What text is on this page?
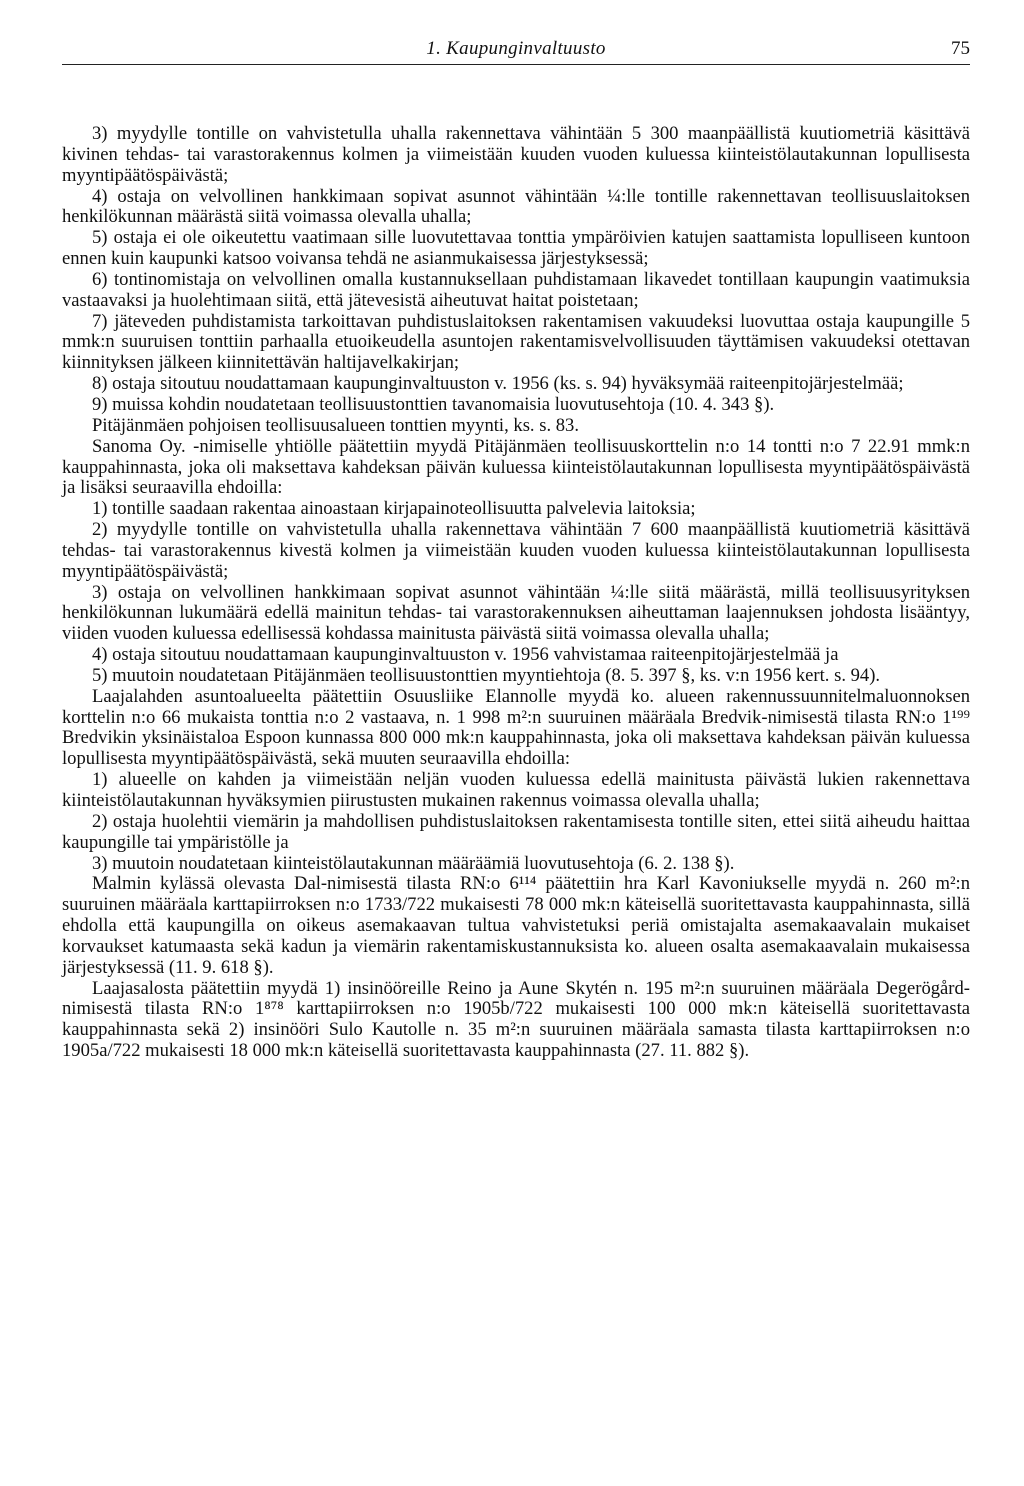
1. Kaupunginvaltuusto	75

3) myydylle tontille on vahvistetulla uhalla rakennettava vähintään 5 300 maanpäällistä kuutiometriä käsittävä kivinen tehdas- tai varastorakennus kolmen ja viimeistään kuuden vuoden kuluessa kiinteistölautakunnan lopullisesta myyntipäätöspäivästä;

4) ostaja on velvollinen hankkimaan sopivat asunnot vähintään ¼:lle tontille rakennettavan teollisuuslaitoksen henkilökunnan määrästä siitä voimassa olevalla uhalla;

5) ostaja ei ole oikeutettu vaatimaan sille luovutettavaa tonttia ympäröivien katujen saattamista lopulliseen kuntoon ennen kuin kaupunki katsoo voivansa tehdä ne asianmukaisessa järjestyksessä;

6) tontinomistaja on velvollinen omalla kustannuksellaan puhdistamaan likavedet tontillaan kaupungin vaatimuksia vastaavaksi ja huolehtimaan siitä, että jätevesistä aiheutuvat haitat poistetaan;

7) jäteveden puhdistamista tarkoittavan puhdistuslaitoksen rakentamisen vakuudeksi luovuttaa ostaja kaupungille 5 mmk:n suuruisen tonttiin parhaalla etuoikeudella asuntojen rakentamisvelvollisuuden täyttämisen vakuudeksi otettavan kiinnityksen jälkeen kiinnitettävän haltijavelkakirjan;

8) ostaja sitoutuu noudattamaan kaupunginvaltuuston v. 1956 (ks. s. 94) hyväksymää raiteenpitojärjestelmää;

9) muissa kohdin noudatetaan teollisuustonttien tavanomaisia luovutusehtoja (10. 4. 343 §).

Pitäjänmäen pohjoisen teollisuusalueen tonttien myynti, ks. s. 83.

Sanoma Oy. -nimiselle yhtiölle päätettiin myydä Pitäjänmäen teollisuuskorttelin n:o 14 tontti n:o 7 22.91 mmk:n kauppahinnasta, joka oli maksettava kahdeksan päivän kuluessa kiinteistölautakunnan lopullisesta myyntipäätöspäivästä ja lisäksi seuraavilla ehdoilla:

1) tontille saadaan rakentaa ainoastaan kirjapainoteollisuutta palvelevia laitoksia;

2) myydylle tontille on vahvistetulla uhalla rakennettava vähintään 7 600 maanpäällistä kuutiometriä käsittävä tehdas- tai varastorakennus kivestä kolmen ja viimeistään kuuden vuoden kuluessa kiinteistölautakunnan lopullisesta myyntipäätöspäivästä;

3) ostaja on velvollinen hankkimaan sopivat asunnot vähintään ¼:lle siitä määrästä, millä teollisuusyrityksen henkilökunnan lukumäärä edellä mainitun tehdas- tai varastorakennuksen aiheuttaman laajennuksen johdosta lisääntyy, viiden vuoden kuluessa edellisessä kohdassa mainitusta päivästä siitä voimassa olevalla uhalla;

4) ostaja sitoutuu noudattamaan kaupunginvaltuuston v. 1956 vahvistamaa raiteenpitojärjestelmää ja

5) muutoin noudatetaan Pitäjänmäen teollisuustonttien myyntiehtoja (8. 5. 397 §, ks. v:n 1956 kert. s. 94).

Laajalahden asuntoalueelta päätettiin Osuusliike Elannolle myydä ko. alueen rakennussuunnitelmaluonnoksen korttelin n:o 66 mukaista tonttia n:o 2 vastaava, n. 1 998 m²:n suuruinen määräala Bredvik-nimisestä tilasta RN:o 1¹⁹⁹ Bredvikin yksinäistaloa Espoon kunnassa 800 000 mk:n kauppahinnasta, joka oli maksettava kahdeksan päivän kuluessa lopullisesta myyntipäätöspäivästä, sekä muuten seuraavilla ehdoilla:

1) alueelle on kahden ja viimeistään neljän vuoden kuluessa edellä mainitusta päivästä lukien rakennettava kiinteistölautakunnan hyväksymien piirustusten mukainen rakennus voimassa olevalla uhalla;

2) ostaja huolehtii viemärin ja mahdollisen puhdistuslaitoksen rakentamisesta tontille siten, ettei siitä aiheudu haittaa kaupungille tai ympäristölle ja

3) muutoin noudatetaan kiinteistölautakunnan määräämiä luovutusehtoja (6. 2. 138 §).

Malmin kylässä olevasta Dal-nimisestä tilasta RN:o 6¹¹⁴ päätettiin hra Karl Kavoniukselle myydä n. 260 m²:n suuruinen määräala karttapiirroksen n:o 1733/722 mukaisesti 78 000 mk:n käteisellä suoritettavasta kauppahinnasta, sillä ehdolla että kaupungilla on oikeus asemakaavan tultua vahvistetuksi periä omistajalta asemakaavalain mukaiset korvaukset katumaasta sekä kadun ja viemärin rakentamiskustannuksista ko. alueen osalta asemakaavalain mukaisessa järjestyksessä (11. 9. 618 §).

Laajasalosta päätettiin myydä 1) insinööreille Reino ja Aune Skytén n. 195 m²:n suuruinen määräala Degerögård-nimisestä tilasta RN:o 1⁸⁷⁸ karttapiirroksen n:o 1905b/722 mukaisesti 100 000 mk:n käteisellä suoritettavasta kauppahinnasta sekä 2) insinööri Sulo Kautolle n. 35 m²:n suuruinen määräala samasta tilasta karttapiirroksen n:o 1905a/722 mukaisesti 18 000 mk:n käteisellä suoritettavasta kauppahinnasta (27. 11. 882 §).
